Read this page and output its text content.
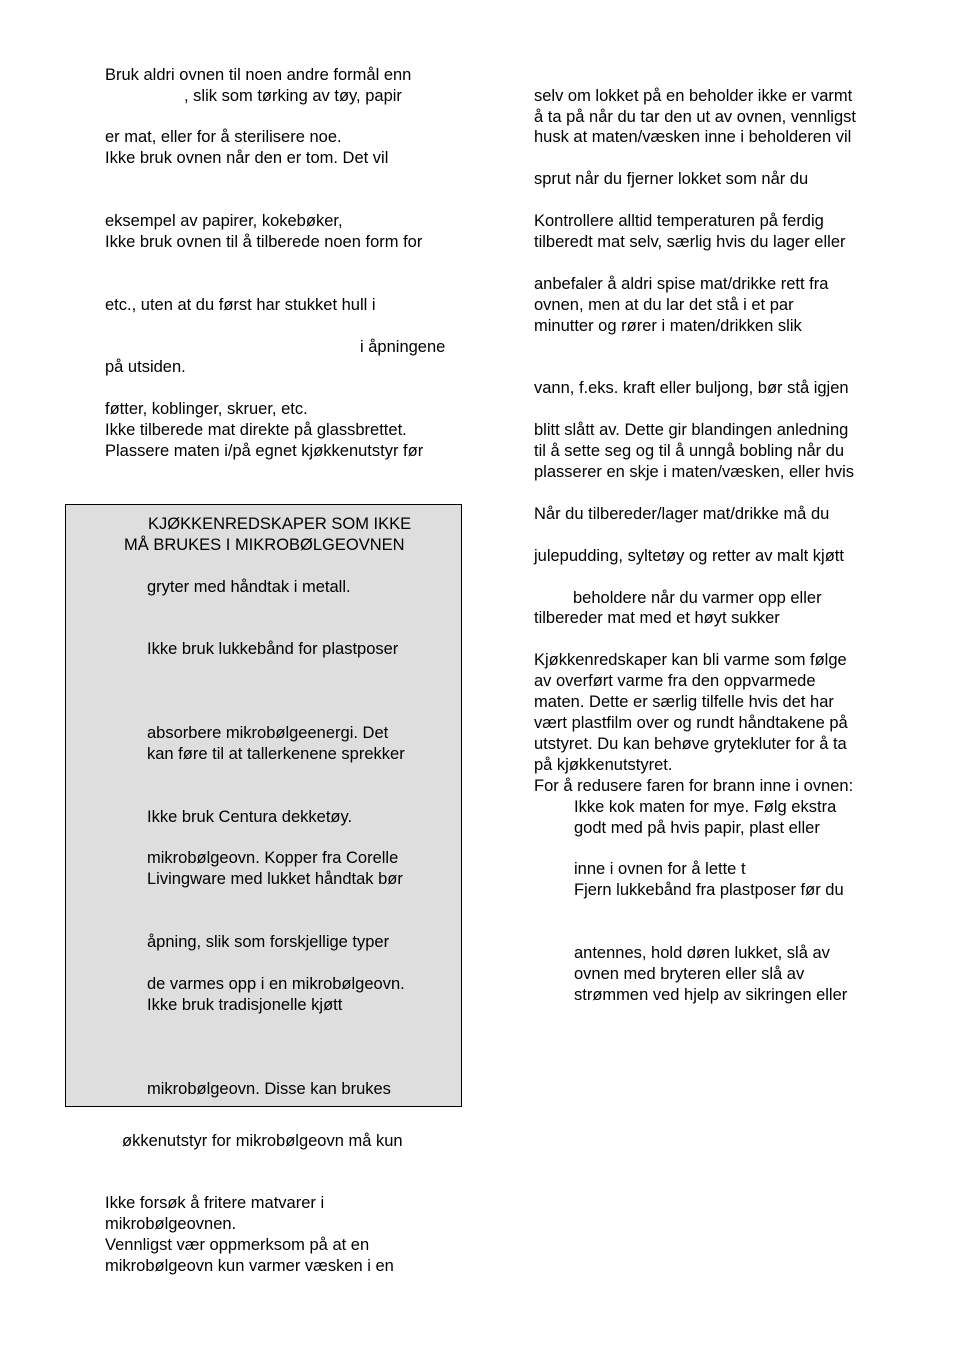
Bruk aldri ovnen til noen andre formål enn
, slik som tørking av tøy, papir
er mat, eller for å sterilisere noe.
Ikke bruk ovnen når den er tom. Det vil
eksempel av papirer, kokebøker,
Ikke bruk ovnen til å tilberede noen form for
etc., uten at du først har stukket hull i
i åpningene
på utsiden.
føtter, koblinger, skruer, etc.
Ikke tilberede mat direkte på glassbrettet.
Plassere maten i/på egnet kjøkkenutstyr før
KJØKKENREDSKAPER SOM IKKE
MÅ BRUKES I MIKROBØLGEOVNEN
gryter med håndtak i metall.
Ikke bruk lukkebånd for plastposer
absorbere mikrobølgeenergi. Det
kan føre til at tallerkenene sprekker
Ikke bruk Centura dekketøy.
mikrobølgeovn. Kopper fra Corelle
Livingware med lukket håndtak bør
åpning, slik som forskjellige typer
de varmes opp i en mikrobølgeovn.
Ikke bruk tradisjonelle kjøtt
mikrobølgeovn. Disse kan brukes
økkenutstyr for mikrobølgeovn må kun
Ikke forsøk å fritere matvarer i
mikrobølgeovnen.
Vennligst vær oppmerksom på at en
mikrobølgeovn kun varmer væsken i en
selv om lokket på en beholder ikke er varmt
å ta på når du tar den ut av ovnen, vennligst
husk at maten/væsken inne i beholderen vil
sprut når du fjerner lokket som når du
Kontrollere alltid temperaturen på ferdig
tilberedt mat selv, særlig hvis du lager eller
anbefaler å aldri spise mat/drikke rett fra
ovnen, men at du lar det stå i et par
minutter og rører i maten/drikken slik
vann, f.eks. kraft eller buljong, bør stå igjen
blitt slått av. Dette gir blandingen anledning
til å sette seg og til å unngå bobling når du
plasserer en skje i maten/væsken, eller hvis
Når du tilbereder/lager mat/drikke må du
julepudding, syltetøy og retter av malt kjøtt
beholdere når du varmer opp eller
tilbereder mat med et høyt sukker
Kjøkkenredskaper kan bli varme som følge
av overført varme fra den oppvarmede
maten. Dette er særlig tilfelle hvis det har
vært plastfilm over og rundt håndtakene på
utstyret. Du kan behøve grytekluter for å ta
på kjøkkenutstyret.
For å redusere faren for brann inne i ovnen:
Ikke kok maten for mye. Følg ekstra
godt med på hvis papir, plast eller
inne i ovnen for å lette t
Fjern lukkebånd fra plastposer før du
antennes, hold døren lukket, slå av
ovnen med bryteren eller slå av
strømmen ved hjelp av sikringen eller
